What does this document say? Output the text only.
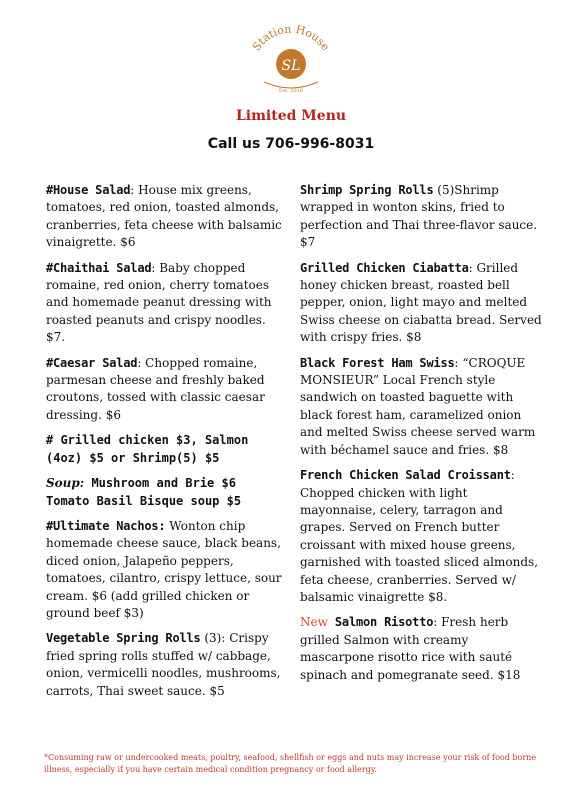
Station House
SL
Est. 2016
Limited Menu
Call us 706-996-8031
#House Salad: House mix greens, tomatoes, red onion, toasted almonds, cranberries, feta cheese with balsamic vinaigrette. $6
#Chaithai Salad: Baby chopped romaine, red onion, cherry tomatoes and homemade peanut dressing with roasted peanuts and crispy noodles. $7.
#Caesar Salad: Chopped romaine, parmesan cheese and freshly baked croutons, tossed with classic caesar dressing. $6
# Grilled chicken $3, Salmon (4oz) $5 or Shrimp(5) $5
Soup: Mushroom and Brie $6
Tomato Basil Bisque soup $5
#Ultimate Nachos: Wonton chip homemade cheese sauce, black beans, diced onion, Jalapeño peppers, tomatoes, cilantro, crispy lettuce, sour cream. $6 (add grilled chicken or ground beef $3)
Vegetable Spring Rolls (3): Crispy fried spring rolls stuffed w/ cabbage, onion, vermicelli noodles, mushrooms, carrots, Thai sweet sauce. $5
Shrimp Spring Rolls (5)Shrimp wrapped in wonton skins, fried to perfection and Thai three-flavor sauce. $7
Grilled Chicken Ciabatta: Grilled honey chicken breast, roasted bell pepper, onion, light mayo and melted Swiss cheese on ciabatta bread. Served with crispy fries. $8
Black Forest Ham Swiss: “CROQUE MONSIEUR” Local French style sandwich on toasted baguette with black forest ham, caramelized onion and melted Swiss cheese served warm with béchamel sauce and fries. $8
French Chicken Salad Croissant: Chopped chicken with light mayonnaise, celery, tarragon and grapes. Served on French butter croissant with mixed house greens, garnished with toasted sliced almonds, feta cheese, cranberries. Served w/ balsamic vinaigrette $8.
New Salmon Risotto: Fresh herb grilled Salmon with creamy mascarpone risotto rice with sauté spinach and pomegranate seed. $18
*Consuming raw or undercooked meats, poultry, seafood, shellfish or eggs and nuts may increase your risk of food borne illness, especially if you have certain medical condition pregnancy or food allergy.
